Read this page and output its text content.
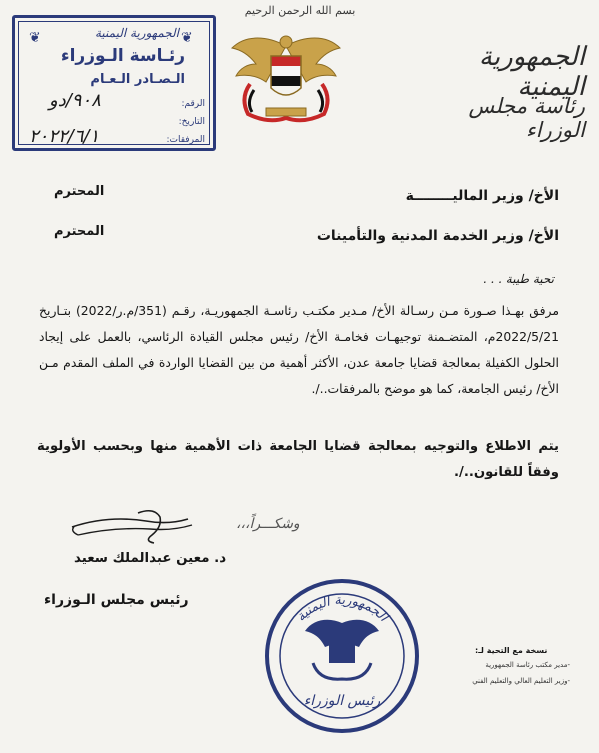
بسم الله الرحمن الرحيم
الجمهورية اليمنية
رئاسة مجلس الوزراء
❦	❦
الجمهورية اليمنية
رئـاسة الـوزراء
الـصـادر الـعـام
الرقم:
التاريخ:
المرفقات:
٩٠٨/دو
٢٠٢٢/٦/١
الأخ/ وزير الماليــــــــة
المحترم
الأخ/ وزير الخدمة المدنية والتأمينات
المحترم
تحية طيبة . . .
مرفق بهـذا صـورة مـن رسـالة الأخ/ مـدير مكتـب رئاسـة الجمهوريـة، رقـم (351/م.ر/2022) بتـاريخ 2022/5/21م، المتضـمنة توجيهـات فخامـة الأخ/ رئيس مجلس القيادة الرئاسي، بالعمل على إيجاد الحلول الكفيلة بمعالجة قضايا جامعة عدن، الأكثر أهمية من بين القضايا الواردة في الملف المقدم مـن الأخ/ رئيس الجامعة، كما هو موضح بالمرفقات../.
يتم الاطلاع والتوجيه بمعالجة قضايا الجامعة ذات الأهمية منها وبحسب الأولوية وفقاً للقانون../.
وشكـــراً،،،
د. معين عبدالملك سعيد
رئيس مجلس الـوزراء
الجمهورية اليمنية
رئيس الوزراء
نسخة مع التحية لـ:
-مدير مكتب رئاسة الجمهورية
-وزير التعليم العالي والتعليم الفني
